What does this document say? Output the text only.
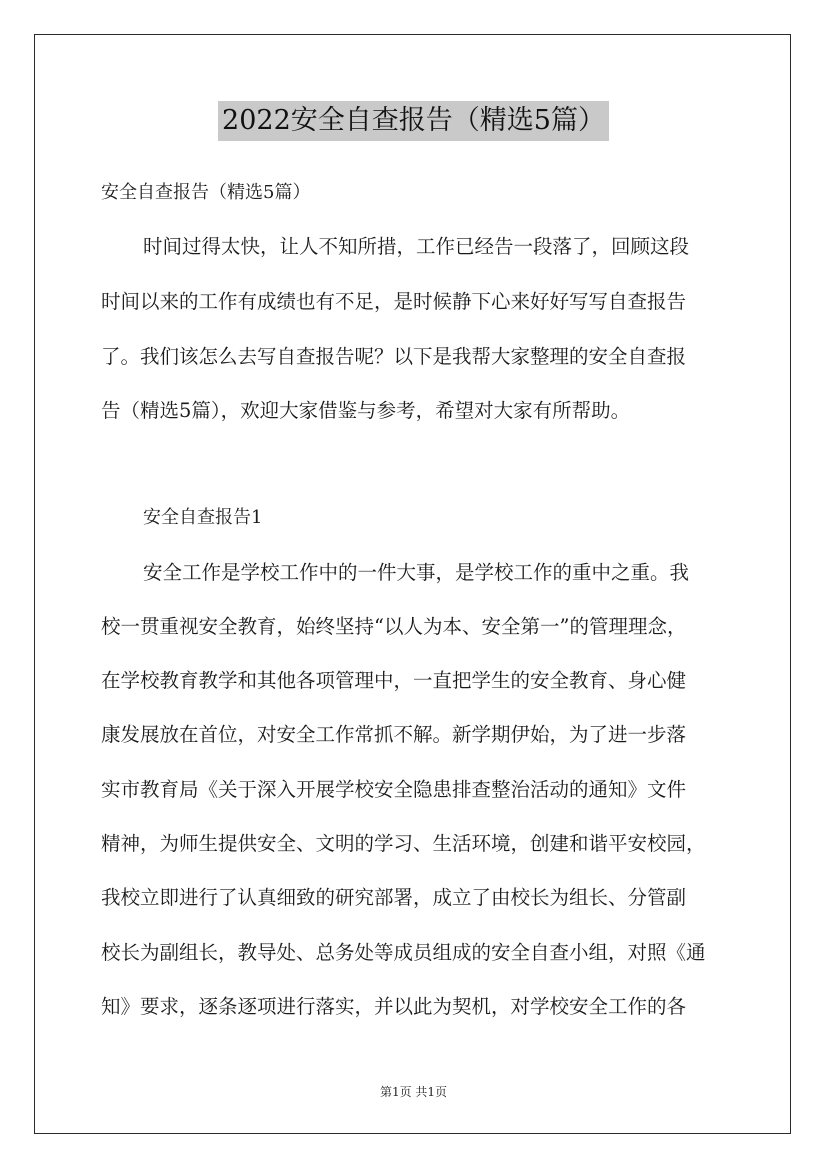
2022安全自查报告（精选5篇）
安全自查报告（精选5篇）
时间过得太快，让人不知所措，工作已经告一段落了，回顾这段
时间以来的工作有成绩也有不足，是时候静下心来好好写写自查报告
了。我们该怎么去写自查报告呢？以下是我帮大家整理的安全自查报
告（精选5篇），欢迎大家借鉴与参考，希望对大家有所帮助。
安全自查报告1
安全工作是学校工作中的一件大事，是学校工作的重中之重。我
校一贯重视安全教育，始终坚持“以人为本、安全第一”的管理理念，
在学校教育教学和其他各项管理中，一直把学生的安全教育、身心健
康发展放在首位，对安全工作常抓不解。新学期伊始，为了进一步落
实市教育局《关于深入开展学校安全隐患排查整治活动的通知》文件
精神，为师生提供安全、文明的学习、生活环境，创建和谐平安校园，
我校立即进行了认真细致的研究部署，成立了由校长为组长、分管副
校长为副组长，教导处、总务处等成员组成的安全自查小组，对照《通
知》要求，逐条逐项进行落实，并以此为契机，对学校安全工作的各
第1页 共1页
